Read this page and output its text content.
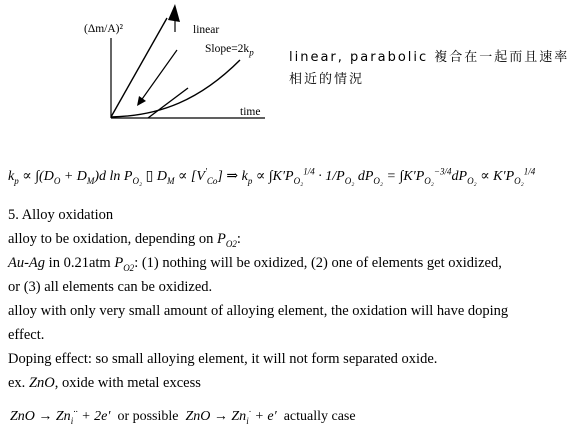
(Δm/A)²	linear
$Slope=2k_p$
time
linear, parabolic 複合在一起而且速率
相近的情況
$k_p \propto \int(D_O + D_M)d$ $\ln P_{O_2}$ ▯ $D_M \propto [V'_{Co}]$ ⇒ $k_p \propto \int K'P_{O_2}^{1/4} \cdot 1/P_{O_2}$ $dP_{O_2} = \int K'P_{O_2}^{-3/4}dP_{O_2} \propto K'P_{O_2}^{1/4}$
5. Alloy oxidation
alloy to be oxidation, depending on $P_{O2}$:
Au-Ag in 0.21atm $P_{O2}$: (1) nothing will be oxidized, (2) one of elements get oxidized,
or (3) all elements can be oxidized.
alloy with only very small amount of alloying element, the oxidation will have doping
effect.
Doping effect: so small alloying element, it will not form separated oxide.
ex. ZnO, oxide with metal excess
ZnO → $Zn_i^{\cdot\cdot} + 2e'$ or possible ZnO → $Zn_i^\cdot + e'$ actually case
